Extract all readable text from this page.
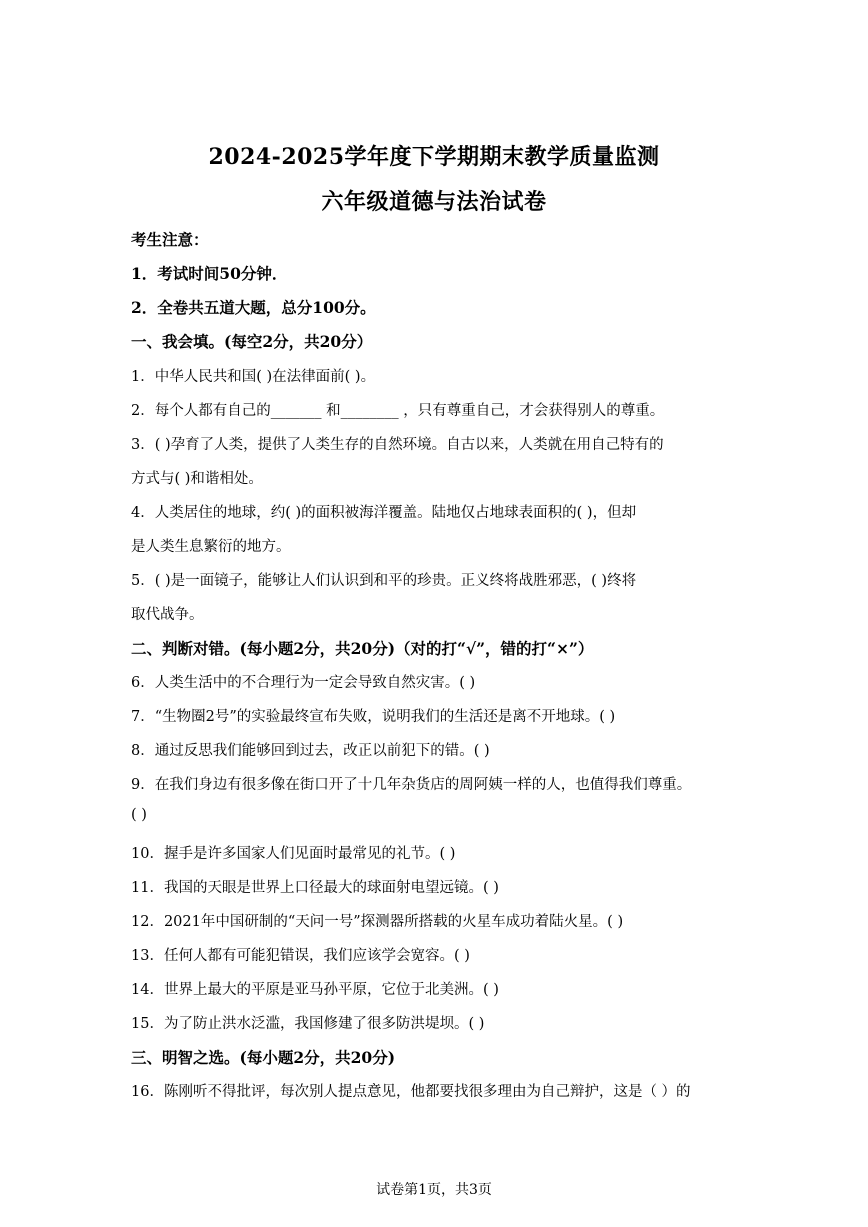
2024-2025学年度下学期期末教学质量监测
六年级道德与法治试卷
考生注意：
1．考试时间50分钟．
2．全卷共五道大题，总分100分。
一、我会填。(每空2分，共20分）
1．中华人民共和国( )在法律面前( )。
2．每个人都有自己的_______ 和________ ，只有尊重自己，才会获得别人的尊重。
3．( )孕育了人类，提供了人类生存的自然环境。自古以来，人类就在用自己特有的
方式与( )和谐相处。
4．人类居住的地球，约( )的面积被海洋覆盖。陆地仅占地球表面积的( )，但却
是人类生息繁衍的地方。
5．( )是一面镜子，能够让人们认识到和平的珍贵。正义终将战胜邪恶，( )终将
取代战争。
二、判断对错。(每小题2分，共20分)（对的打“√”，错的打“×”）
6．人类生活中的不合理行为一定会导致自然灾害。( )
7．“生物圈2号”的实验最终宣布失败，说明我们的生活还是离不开地球。( )
8．通过反思我们能够回到过去，改正以前犯下的错。( )
9．在我们身边有很多像在街口开了十几年杂货店的周阿姨一样的人，也值得我们尊重。
( )
10．握手是许多国家人们见面时最常见的礼节。( )
11．我国的天眼是世界上口径最大的球面射电望远镜。( )
12．2021年中国研制的“天问一号”探测器所搭载的火星车成功着陆火星。( )
13．任何人都有可能犯错误，我们应该学会宽容。( )
14．世界上最大的平原是亚马孙平原，它位于北美洲。( )
15．为了防止洪水泛滥，我国修建了很多防洪堤坝。( )
三、明智之选。(每小题2分，共20分)
16．陈刚听不得批评，每次别人提点意见，他都要找很多理由为自己辩护，这是（ ）的
试卷第1页，共3页
